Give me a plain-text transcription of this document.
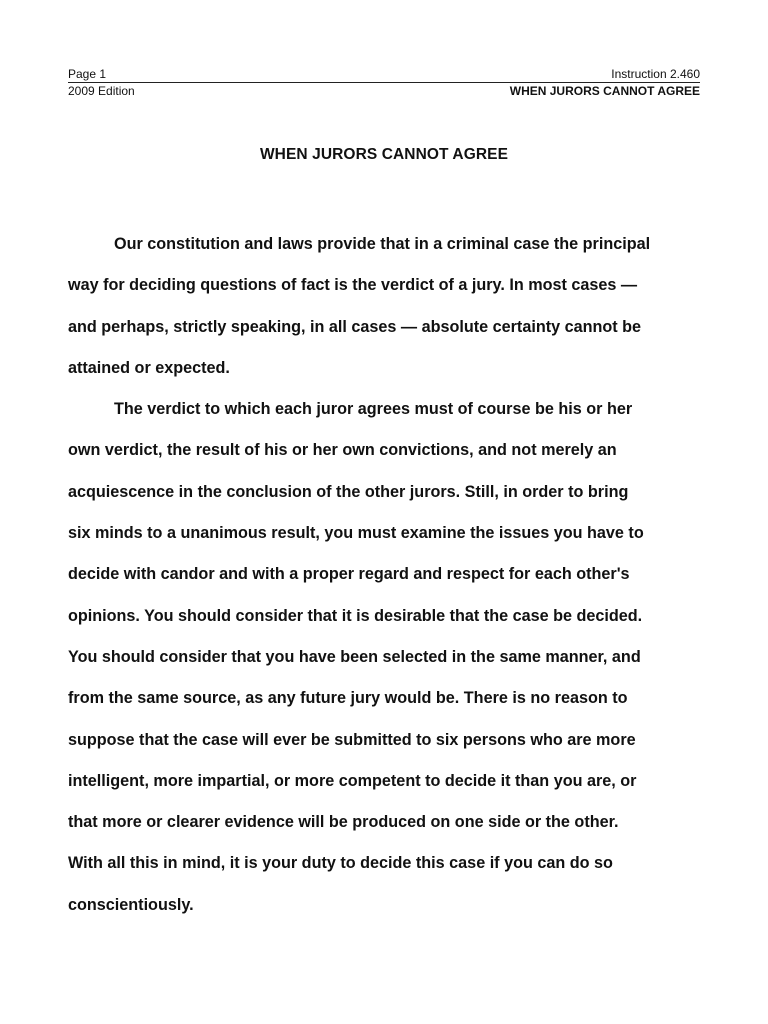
Page 1	Instruction 2.460
2009 Edition	WHEN JURORS CANNOT AGREE
WHEN JURORS CANNOT AGREE

Our constitution and laws provide that in a criminal case the principal
way for deciding questions of fact is the verdict of a jury. In most cases —
and perhaps, strictly speaking, in all cases — absolute certainty cannot be
attained or expected.

The verdict to which each juror agrees must of course be his or her
own verdict, the result of his or her own convictions, and not merely an
acquiescence in the conclusion of the other jurors. Still, in order to bring
six minds to a unanimous result, you must examine the issues you have to
decide with candor and with a proper regard and respect for each other's
opinions. You should consider that it is desirable that the case be decided.
You should consider that you have been selected in the same manner, and
from the same source, as any future jury would be. There is no reason to
suppose that the case will ever be submitted to six persons who are more
intelligent, more impartial, or more competent to decide it than you are, or
that more or clearer evidence will be produced on one side or the other.
With all this in mind, it is your duty to decide this case if you can do so
conscientiously.
